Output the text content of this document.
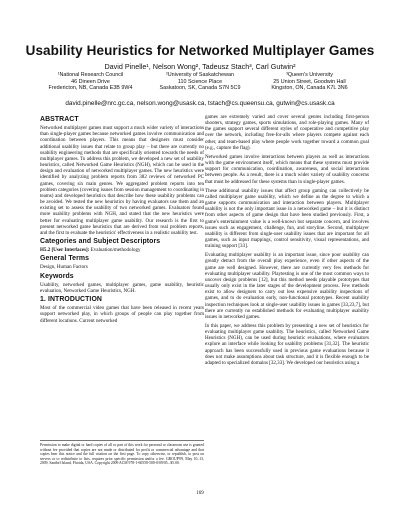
Usability Heuristics for Networked Multiplayer Games
David Pinelle¹, Nelson Wong², Tadeusz Stach³, Carl Gutwin²
¹National Research Council
46 Dineen Drive
Fredericton, NB, Canada E3B 9W4
²University of Saskatchewan
110 Science Place
Saskatoon, SK, Canada S7N 5C9
³Queen's University
25 Union Street, Goodwin Hall
Kingston, ON, Canada K7L 3N6
david.pinelle@nrc.gc.ca, nelson.wong@usask.ca, tstach@cs.queensu.ca, gutwin@cs.usask.ca
ABSTRACT

Networked multiplayer games must support a much wider variety of interactions than single-player games because networked games involve communication and coordination between players. This means that designers must consider additional usability issues that relate to group play – but there are currently no usability engineering methods that are specifically oriented towards the needs of multiplayer games. To address this problem, we developed a new set of usability heuristics, called Networked Game Heuristics (NGH), which can be used in the design and evaluation of networked multiplayer games. The new heuristics were identified by analyzing problem reports from 382 reviews of networked PC games, covering six main genres. We aggregated problem reports into ten problem categories (covering issues from session management to coordinating in teams) and developed heuristics that describe how these usability problems can be avoided. We tested the new heuristics by having evaluators use them and an existing set to assess the usability of two networked games. Evaluators found more usability problems with NGH, and stated that the new heuristics were better for evaluating multiplayer game usability. Our research is the first to present networked game heuristics that are derived from real problem reports, and the first to evaluate the heuristics' effectiveness in a realistic usability test.

Categories and Subject Descriptors

H5.2 [User Interfaces]: Evaluation/methodology

General Terms

Design, Human Factors

Keywords

Usability, networked games, multiplayer games, game usability, heuristic evaluation, Networked Game Heuristics, NGH.

1. INTRODUCTION

Most of the commercial video games that have been released in recent years support networked play, in which groups of people can play together from different locations. Current networked

Permission to make digital or hard copies of all or part of this work for personal or classroom use is granted without fee provided that copies are not made or distributed for profit or commercial advantage and that copies bear this notice and the full citation on the first page. To copy otherwise, or republish, to post on servers or to redistribute to lists, requires prior specific permission and/or a fee. GROUP'09, May 10–13, 2009, Sanibel Island, Florida, USA. Copyright 2009 ACM 978-1-60558-500-0/09/05...$5.00.

games are extremely varied and cover several genres including first-person shooters, strategy games, sports simulations, and role-playing games. Many of the games support several different styles of cooperative and competitive play over the network, including free-for-alls where players compete against each other, and team-based play where people work together toward a common goal (e.g., capture the flag).

Networked games involve interactions between players as well as interactions with the game environment itself, which means that these systems must provide support for communication, coordination, awareness, and social interactions between people. As a result, there is a much wider variety of usability concerns that must be addressed for these systems than in single-player games.

These additional usability issues that affect group gaming can collectively be called multiplayer game usability, which we define as the degree to which a game supports communication and interaction between players. Multiplayer usability is not the only important issue in a networked game – but it is distinct from other aspects of game design that have been studied previously. First, a game's entertainment value is a well-known but separate concern, and involves issues such as engagement, challenge, fun, and storyline. Second, multiplayer usability is different from single-user usability issues that are important for all games, such as input mappings, control sensitivity, visual representations, and training support [33].

Evaluating multiplayer usability is an important issue, since poor usability can greatly detract from the overall play experience, even if other aspects of the game are well designed. However, there are currently very few methods for evaluating multiplayer usability. Playtesting is one of the most common ways to uncover design problems [12], but this method needs playable prototypes that usually only exist in the later stages of the development process. Few methods exist to allow designers to carry out less expensive usability inspections of games, and to do evaluation early, non-functional prototypes. Recent usability inspection techniques look at single-user usability issues in games [33,23,7], but there are currently no established methods for evaluating multiplayer usability issues in networked games.

In this paper, we address this problem by presenting a new set of heuristics for evaluating multiplayer game usability. The heuristics, called Networked Game Heuristics (NGH), can be used during heuristic evaluations, where evaluators explore an interface while looking for usability problems [31,32]. The heuristic approach has been successfully used in previous game evaluations because it does not make assumptions about task structure, and it is flexible enough to be adapted to specialized domains [32,33]. We developed our heuristics using a

169
